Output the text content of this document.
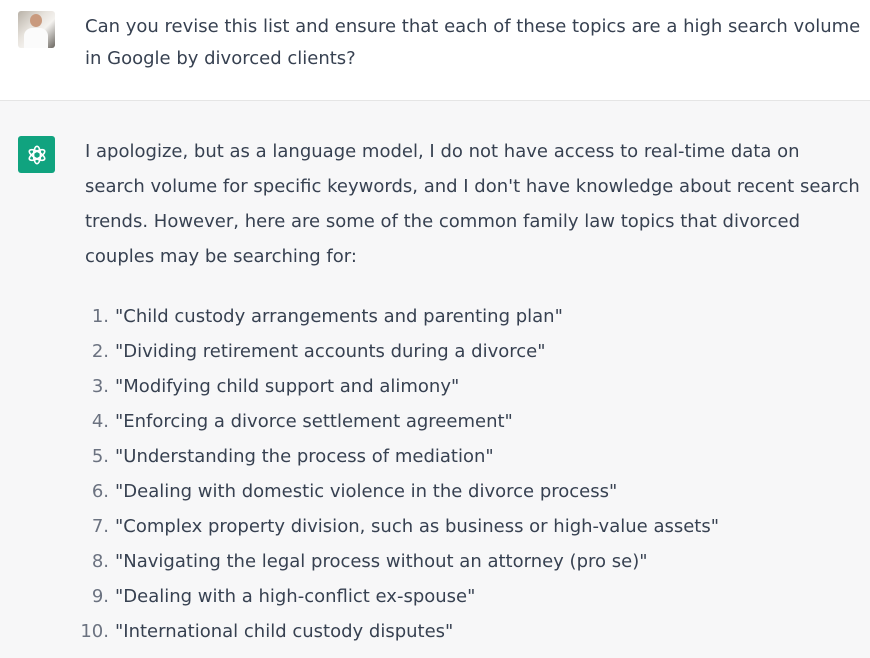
Can you revise this list and ensure that each of these topics are a high search volume in Google by divorced clients?

I apologize, but as a language model, I do not have access to real-time data on search volume for specific keywords, and I don't have knowledge about recent search trends. However, here are some of the common family law topics that divorced couples may be searching for:

1. "Child custody arrangements and parenting plan"
2. "Dividing retirement accounts during a divorce"
3. "Modifying child support and alimony"
4. "Enforcing a divorce settlement agreement"
5. "Understanding the process of mediation"
6. "Dealing with domestic violence in the divorce process"
7. "Complex property division, such as business or high-value assets"
8. "Navigating the legal process without an attorney (pro se)"
9. "Dealing with a high-conflict ex-spouse"
10. "International child custody disputes"
